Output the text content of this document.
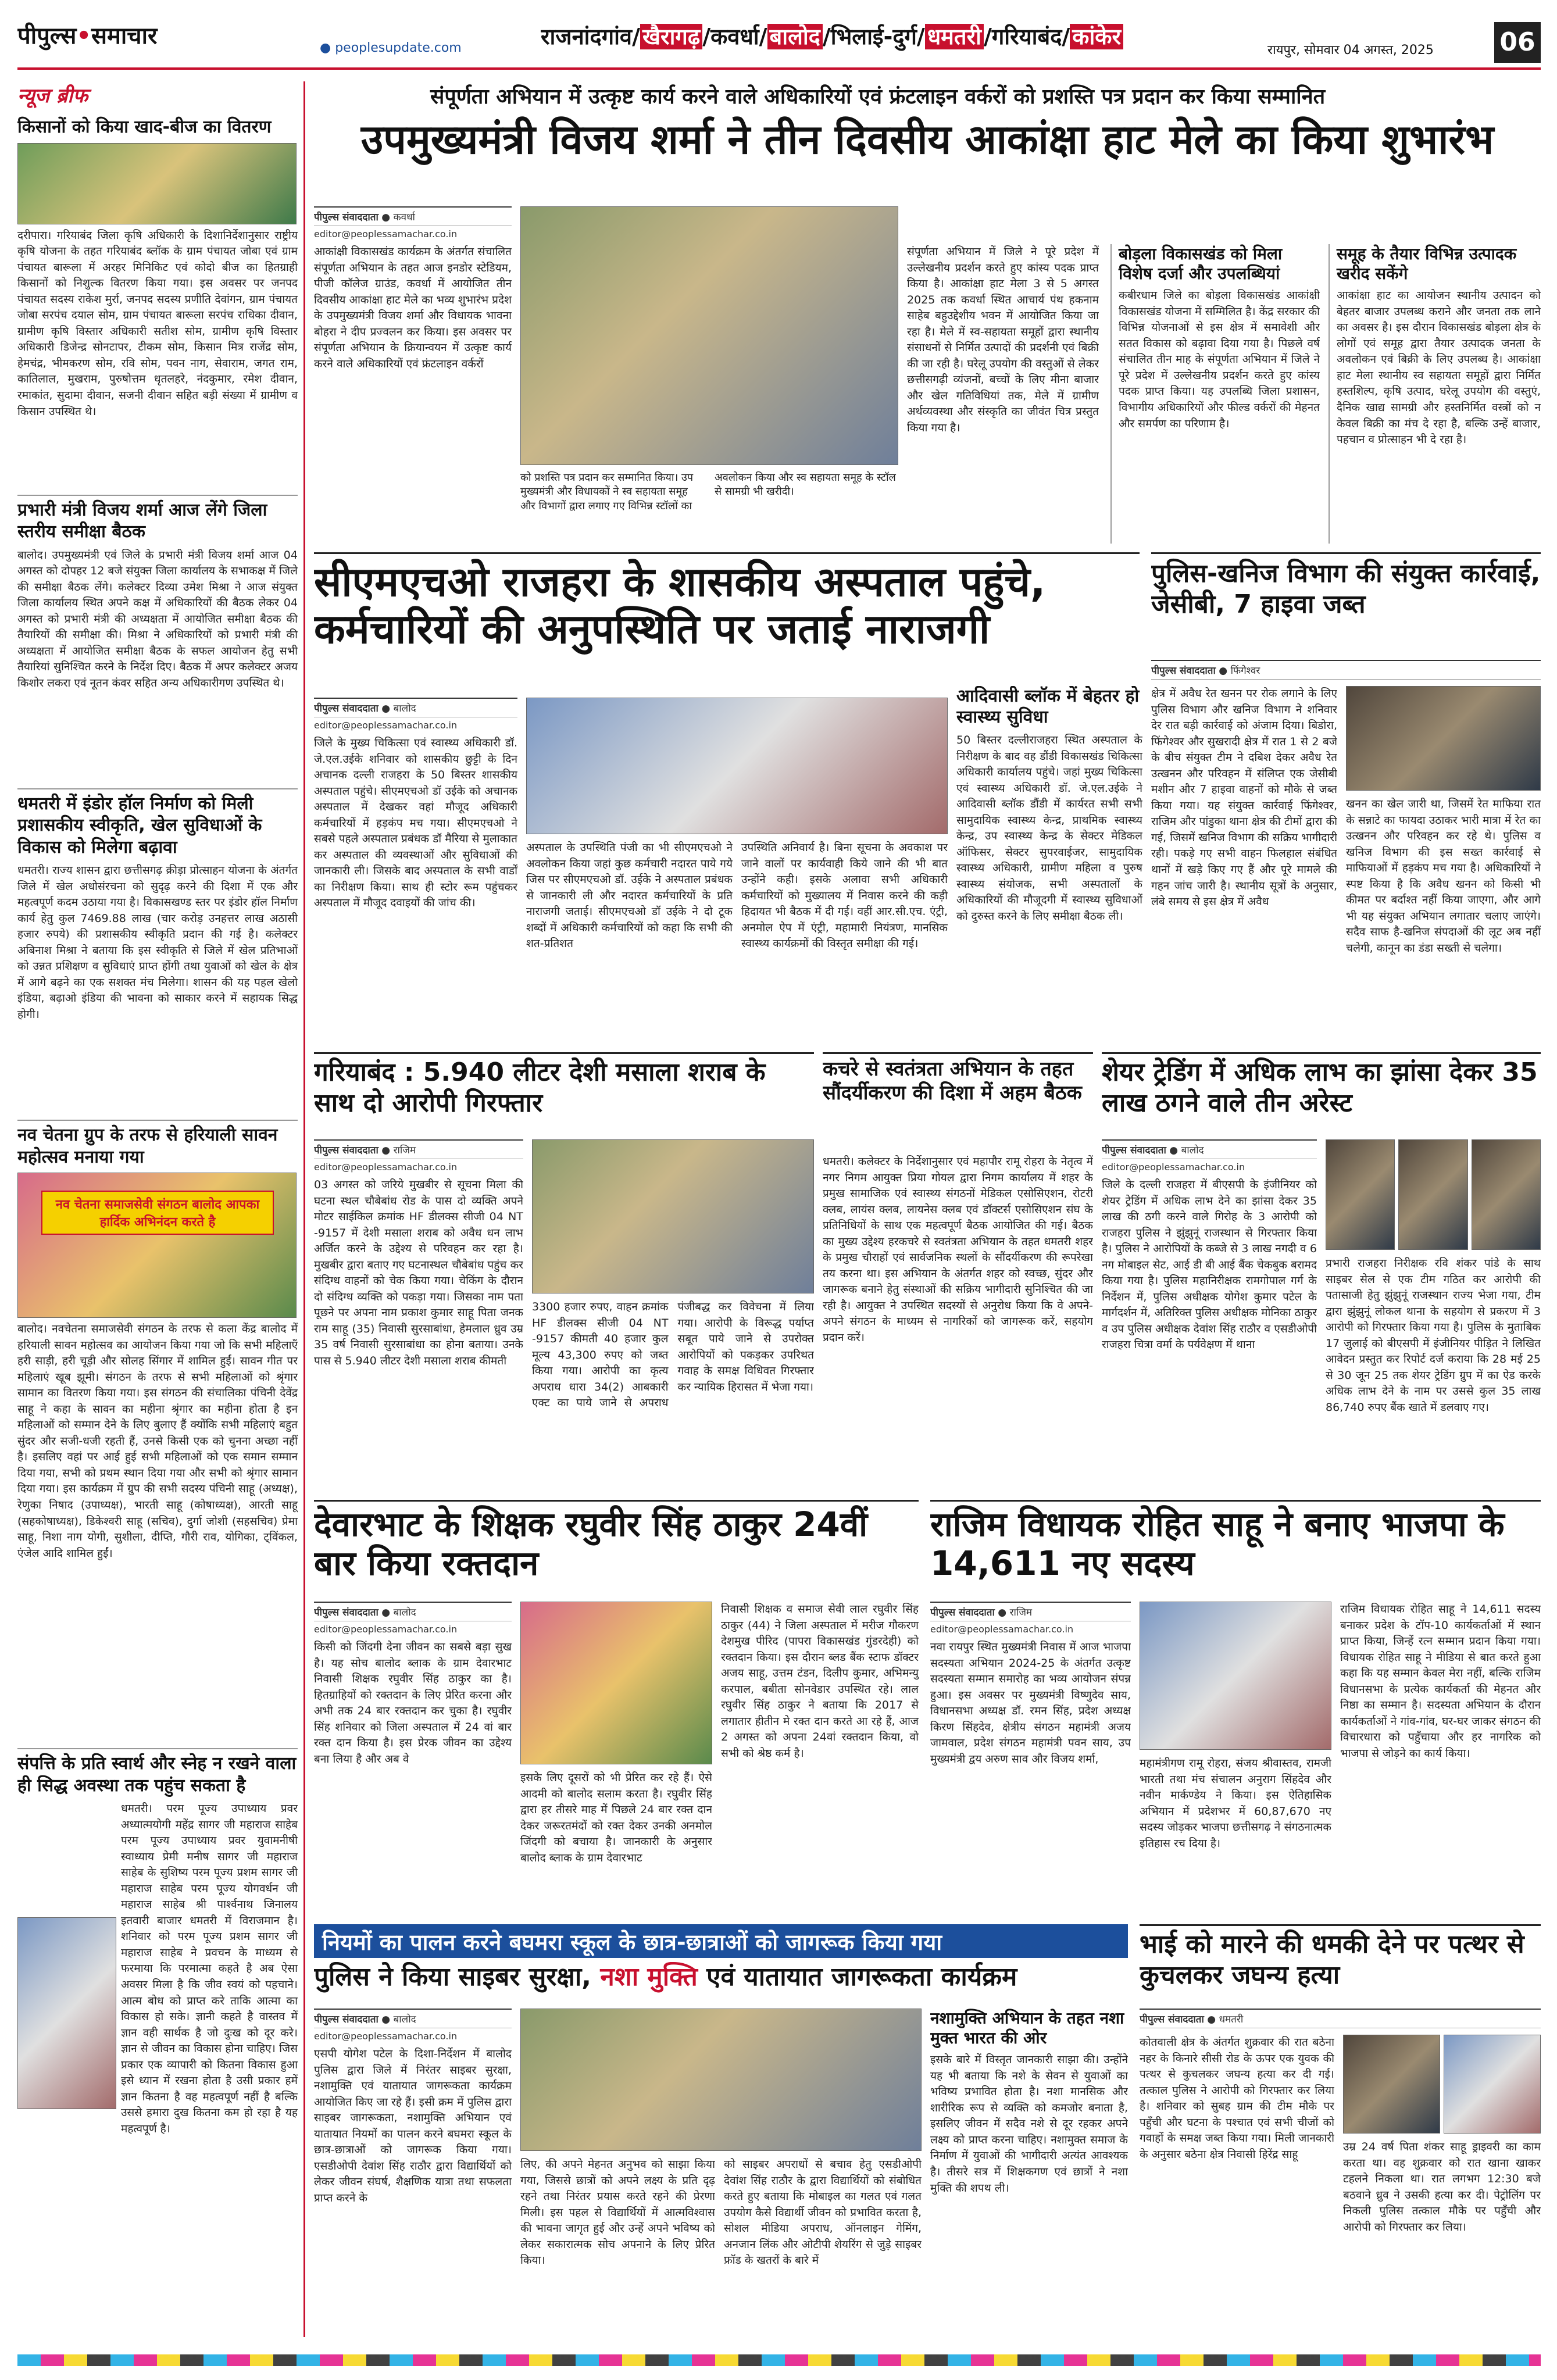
पीपुल्स•समाचार	● peoplesupdate.com	राजनांदगांव/ खैरागढ़ /कवर्धा/ बालोद /भिलाई-दुर्ग/ धमतरी /गरियाबंद/ कांकेर
रायपुर, सोमवार 04 अगस्त, 2025	06
न्यूज ब्रीफ
किसानों को किया खाद-बीज का वितरण
दरीपारा। गरियाबंद जिला कृषि अधिकारी के दिशानिर्देशानुसार राष्ट्रीय कृषि योजना के तहत गरियाबंद ब्लॉक के ग्राम पंचायत जोबा एवं ग्राम पंचायत बारूला में अरहर मिनिकिट एवं कोदो बीज का हितग्राही किसानों को निशुल्क वितरण किया गया। इस अवसर पर जनपद पंचायत सदस्य राकेश मुर्रा, जनपद सदस्य प्रणीति देवांगन, ग्राम पंचायत जोबा सरपंच दयाल सोम, ग्राम पंचायत बारूला सरपंच राधिका दीवान, ग्रामीण कृषि विस्तार अधिकारी सतीश सोम, ग्रामीण कृषि विस्तार अधिकारी डिजेन्द्र सोनटापर, टीकम सोम, किसान मित्र राजेंद्र सोम, हेमचंद्र, भीमकरण सोम, रवि सोम, पवन नाग, सेवाराम, जगत राम, कातिलाल, मुखराम, पुरुषोत्तम धृतलहरे, नंदकुमार, रमेश दीवान, रमाकांत, सुदामा दीवान, सजनी दीवान सहित बड़ी संख्या में ग्रामीण व किसान उपस्थित थे।
प्रभारी मंत्री विजय शर्मा आज लेंगे जिला स्तरीय समीक्षा बैठक
बालोद। उपमुख्यमंत्री एवं जिले के प्रभारी मंत्री विजय शर्मा आज 04 अगस्त को दोपहर 12 बजे संयुक्त जिला कार्यालय के सभाकक्ष में जिले की समीक्षा बैठक लेंगे। कलेक्टर दिव्या उमेश मिश्रा ने आज संयुक्त जिला कार्यालय स्थित अपने कक्ष में अधिकारियों की बैठक लेकर 04 अगस्त को प्रभारी मंत्री की अध्यक्षता में आयोजित समीक्षा बैठक की तैयारियों की समीक्षा की। मिश्रा ने अधिकारियों को प्रभारी मंत्री की अध्यक्षता में आयोजित समीक्षा बैठक के सफल आयोजन हेतु सभी तैयारियां सुनिश्चित करने के निर्देश दिए। बैठक में अपर कलेक्टर अजय किशोर लकरा एवं नूतन कंवर सहित अन्य अधिकारीगण उपस्थित थे।
धमतरी में इंडोर हॉल निर्माण को मिली प्रशासकीय स्वीकृति, खेल सुविधाओं के विकास को मिलेगा बढ़ावा
धमतरी। राज्य शासन द्वारा छत्तीसगढ़ क्रीड़ा प्रोत्साहन योजना के अंतर्गत जिले में खेल अधोसंरचना को सुदृढ़ करने की दिशा में एक और महत्वपूर्ण कदम उठाया गया है। विकासखण्ड स्तर पर इंडोर हॉल निर्माण कार्य हेतु कुल 7469.88 लाख (चार करोड़ उनहत्तर लाख अठासी हजार रुपये) की प्रशासकीय स्वीकृति प्रदान की गई है। कलेक्टर अबिनाश मिश्रा ने बताया कि इस स्वीकृति से जिले में खेल प्रतिभाओं को उन्नत प्रशिक्षण व सुविधाएं प्राप्त होंगी तथा युवाओं को खेल के क्षेत्र में आगे बढ़ने का एक सशक्त मंच मिलेगा। शासन की यह पहल खेलो इंडिया, बढ़ाओ इंडिया की भावना को साकार करने में सहायक सिद्ध होगी।
नव चेतना ग्रुप के तरफ से हरियाली सावन महोत्सव मनाया गया
नव चेतना समाजसेवी संगठन बालोद आपका हार्दिक अभिनंदन करते है
बालोद। नवचेतना समाजसेवी संगठन के तरफ से कला केंद्र बालोद में हरियाली सावन महोत्सव का आयोजन किया गया जो कि सभी महिलाएँ हरी साड़ी, हरी चूड़ी और सोलह सिंगार में शामिल हुईं। सावन गीत पर महिलाएं खूब झूमी। संगठन के तरफ से सभी महिलाओं को श्रृंगार सामान का वितरण किया गया। इस संगठन की संचालिका पंचिनी देवेंद्र साहू ने कहा के सावन का महीना श्रृंगार का महीना होता है इन महिलाओं को सम्मान देने के लिए बुलाए हैं क्योंकि सभी महिलाएं बहुत सुंदर और सजी-धजी रहती हैं, उनसे किसी एक को चुनना अच्छा नहीं है। इसलिए वहां पर आई हुई सभी महिलाओं को एक समान सम्मान दिया गया, सभी को प्रथम स्थान दिया गया और सभी को श्रृंगार सामान दिया गया। इस कार्यक्रम में ग्रुप की सभी सदस्य पंचिनी साहू (अध्यक्ष), रेणुका निषाद (उपाध्यक्ष), भारती साहू (कोषाध्यक्ष), आरती साहू (सहकोषाध्यक्ष), डिकेश्वरी साहू (सचिव), दुर्गा जोशी (सहसचिव) प्रेमा साहू, निशा नाग योगी, सुशीला, दीप्ति, गौरी राव, योगिका, ट्विंकल, एंजेल आदि शामिल हुईं।
संपत्ति के प्रति स्वार्थ और स्नेह न रखने वाला ही सिद्ध अवस्था तक पहुंच सकता है
धमतरी। परम पूज्य उपाध्याय प्रवर अध्यात्मयोगी महेंद्र सागर जी महाराज साहेब परम पूज्य उपाध्याय प्रवर युवामनीषी स्वाध्याय प्रेमी मनीष सागर जी महाराज साहेब के सुशिष्य परम पूज्य प्रशम सागर जी महाराज साहेब परम पूज्य योगवर्धन जी महाराज साहेब श्री पार्श्वनाथ जिनालय इतवारी बाजार धमतरी में विराजमान है। शनिवार को परम पूज्य प्रशम सागर जी महाराज साहेब ने प्रवचन के माध्यम से फरमाया कि परमात्मा कहते है अब ऐसा अवसर मिला है कि जीव स्वयं को पहचाने। आत्म बोध को प्राप्त करे ताकि आत्मा का विकास हो सके। ज्ञानी कहते है वास्तव में ज्ञान वही सार्थक है जो दुःख को दूर करे। ज्ञान से जीवन का विकास होना चाहिए। जिस प्रकार एक व्यापारी को कितना विकास हुआ इसे ध्यान में रखना होता है उसी प्रकार हमें ज्ञान कितना है वह महत्वपूर्ण नहीं है बल्कि उससे हमारा दुख कितना कम हो रहा है यह महत्वपूर्ण है।
संपूर्णता अभियान में उत्कृष्ट कार्य करने वाले अधिकारियों एवं फ्रंटलाइन वर्करों को प्रशस्ति पत्र प्रदान कर किया सम्मानित
उपमुख्यमंत्री विजय शर्मा ने तीन दिवसीय आकांक्षा हाट मेले का किया शुभारंभ
पीपुल्स संवाददाता ● कवर्धा
editor@peoplessamachar.co.in
आकांक्षी विकासखंड कार्यक्रम के अंतर्गत संचालित संपूर्णता अभियान के तहत आज इनडोर स्टेडियम, पीजी कॉलेज ग्राउंड, कवर्धा में आयोजित तीन दिवसीय आकांक्षा हाट मेले का भव्य शुभारंभ प्रदेश के उपमुख्यमंत्री विजय शर्मा और विधायक भावना बोहरा ने दीप प्रज्वलन कर किया। इस अवसर पर संपूर्णता अभियान के क्रियान्वयन में उत्कृष्ट कार्य करने वाले अधिकारियों एवं फ्रंटलाइन वर्करों
को प्रशस्ति पत्र प्रदान कर सम्मानित किया। उप मुख्यमंत्री और विधायकों ने स्व सहायता समूह और विभागों द्वारा लगाए गए विभिन्न स्टॉलों का अवलोकन किया और स्व सहायता समूह के स्टॉल से सामग्री भी खरीदी।
संपूर्णता अभियान में जिले ने पूरे प्रदेश में उल्लेखनीय प्रदर्शन करते हुए कांस्य पदक प्राप्त किया है। आकांक्षा हाट मेला 3 से 5 अगस्त 2025 तक कवर्धा स्थित आचार्य पंथ हकनाम साहेब बहुउद्देशीय भवन में आयोजित किया जा रहा है। मेले में स्व-सहायता समूहों द्वारा स्थानीय संसाधनों से निर्मित उत्पादों की प्रदर्शनी एवं बिक्री की जा रही है। घरेलू उपयोग की वस्तुओं से लेकर छत्तीसगढ़ी व्यंजनों, बच्चों के लिए मीना बाजार और खेल गतिविधियां तक, मेले में ग्रामीण अर्थव्यवस्था और संस्कृति का जीवंत चित्र प्रस्तुत किया गया है।
बोड़ला विकासखंड को मिला विशेष दर्जा और उपलब्धियां
कबीरधाम जिले का बोड़ला विकासखंड आकांक्षी विकासखंड योजना में सम्मिलित है। केंद्र सरकार की विभिन्न योजनाओं से इस क्षेत्र में समावेशी और सतत विकास को बढ़ावा दिया गया है। पिछले वर्ष संचालित तीन माह के संपूर्णता अभियान में जिले ने पूरे प्रदेश में उल्लेखनीय प्रदर्शन करते हुए कांस्य पदक प्राप्त किया। यह उपलब्धि जिला प्रशासन, विभागीय अधिकारियों और फील्ड वर्करों की मेहनत और समर्पण का परिणाम है।
समूह के तैयार विभिन्न उत्पादक खरीद सकेंगे
आकांक्षा हाट का आयोजन स्थानीय उत्पादन को बेहतर बाजार उपलब्ध कराने और जनता तक लाने का अवसर है। इस दौरान विकासखंड बोड़ला क्षेत्र के लोगों एवं समूह द्वारा तैयार उत्पादक जनता के अवलोकन एवं बिक्री के लिए उपलब्ध है। आकांक्षा हाट मेला स्थानीय स्व सहायता समूहों द्वारा निर्मित हस्तशिल्प, कृषि उत्पाद, घरेलू उपयोग की वस्तुएं, दैनिक खाद्य सामग्री और हस्तनिर्मित वस्त्रों को न केवल बिक्री का मंच दे रहा है, बल्कि उन्हें बाजार, पहचान व प्रोत्साहन भी दे रहा है।
सीएमएचओ राजहरा के शासकीय अस्पताल पहुंचे, कर्मचारियों की अनुपस्थिति पर जताई नाराजगी
पीपुल्स संवाददाता ● बालोद
editor@peoplessamachar.co.in
जिले के मुख्य चिकित्सा एवं स्वास्थ्य अधिकारी डॉ. जे.एल.उईके शनिवार को शासकीय छुट्टी के दिन अचानक दल्ली राजहरा के 50 बिस्तर शासकीय अस्पताल पहुंचे। सीएमएचओ डॉ उईके को अचानक अस्पताल में देखकर वहां मौजूद अधिकारी कर्मचारियों में हड़कंप मच गया। सीएमएचओ ने सबसे पहले अस्पताल प्रबंधक डॉ मैरिया से मुलाकात कर अस्पताल की व्यवस्थाओं और सुविधाओं की जानकारी ली। जिसके बाद अस्पताल के सभी वार्डों का निरीक्षण किया। साथ ही स्टोर रूम पहुंचकर अस्पताल में मौजूद दवाइयों की जांच की।
अस्पताल के उपस्थिति पंजी का भी सीएमएचओ ने अवलोकन किया जहां कुछ कर्मचारी नदारत पाये गये जिस पर सीएमएचओ डॉ. उईके ने अस्पताल प्रबंधक से जानकारी ली और नदारत कर्मचारियों के प्रति नाराजगी जताई। सीएमएचओ डॉ उईके ने दो टूक शब्दों में अधिकारी कर्मचारियों को कहा कि सभी की शत-प्रतिशत
उपस्थिति अनिवार्य है। बिना सूचना के अवकाश पर जाने वालों पर कार्यवाही किये जाने की भी बात उन्होंने कही। इसके अलावा सभी अधिकारी कर्मचारियों को मुख्यालय में निवास करने की कड़ी हिदायत भी बैठक में दी गई। वहीं आर.सी.एच. एंट्री, अनमोल ऐप में एंट्री, महामारी नियंत्रण, मानसिक स्वास्थ्य कार्यक्रमों की विस्तृत समीक्षा की गई।
आदिवासी ब्लॉक में बेहतर हो स्वास्थ्य सुविधा
50 बिस्तर दल्लीराजहरा स्थित अस्पताल के निरीक्षण के बाद वह डौंडी विकासखंड चिकित्सा अधिकारी कार्यालय पहुंचे। जहां मुख्य चिकित्सा एवं स्वास्थ्य अधिकारी डॉ. जे.एल.उईके ने आदिवासी ब्लॉक डौंडी में कार्यरत सभी सभी सामुदायिक स्वास्थ्य केन्द्र, प्राथमिक स्वास्थ्य केन्द्र, उप स्वास्थ्य केन्द्र के सेक्टर मेडिकल ऑफिसर, सेक्टर सुपरवाईजर, सामुदायिक स्वास्थ्य अधिकारी, ग्रामीण महिला व पुरुष स्वास्थ्य संयोजक, सभी अस्पतालों के अधिकारियों की मौजूदगी में स्वास्थ्य सुविधाओं को दुरुस्त करने के लिए समीक्षा बैठक ली।
पुलिस-खनिज विभाग की संयुक्त कार्रवाई, जेसीबी, 7 हाइवा जब्त
पीपुल्स संवाददाता ● फिंगेश्वर
क्षेत्र में अवैध रेत खनन पर रोक लगाने के लिए पुलिस विभाग और खनिज विभाग ने शनिवार देर रात बड़ी कार्रवाई को अंजाम दिया। बिडोरा, फिंगेश्वर और सुखरादी क्षेत्र में रात 1 से 2 बजे के बीच संयुक्त टीम ने दबिश देकर अवैध रेत उत्खनन और परिवहन में संलिप्त एक जेसीबी मशीन और 7 हाइवा वाहनों को मौके से जब्त किया गया। यह संयुक्त कार्रवाई फिंगेश्वर, राजिम और पांडुका थाना क्षेत्र की टीमों द्वारा की गई, जिसमें खनिज विभाग की सक्रिय भागीदारी रही। पकड़े गए सभी वाहन फिलहाल संबंधित थानों में खड़े किए गए हैं और पूरे मामले की गहन जांच जारी है। स्थानीय सूत्रों के अनुसार, लंबे समय से इस क्षेत्र में अवैध
खनन का खेल जारी था, जिसमें रेत माफिया रात के सन्नाटे का फायदा उठाकर भारी मात्रा में रेत का उत्खनन और परिवहन कर रहे थे। पुलिस व खनिज विभाग की इस सख्त कार्रवाई से माफियाओं में हड़कंप मच गया है। अधिकारियों ने स्पष्ट किया है कि अवैध खनन को किसी भी कीमत पर बर्दाश्त नहीं किया जाएगा, और आगे भी यह संयुक्त अभियान लगातार चलाए जाएंगे। सदैव साफ है-खनिज संपदाओं की लूट अब नहीं चलेगी, कानून का डंडा सख्ती से चलेगा।
गरियाबंद : 5.940 लीटर देशी मसाला शराब के साथ दो आरोपी गिरफ्तार
पीपुल्स संवाददाता ● राजिम
editor@peoplessamachar.co.in
03 अगस्त को जरिये मुखबीर से सूचना मिला की घटना स्थल चौबेबांध रोड के पास दो व्यक्ति अपने मोटर साईकिल क्रमांक HF डीलक्स सीजी 04 NT -9157 में देशी मसाला शराब को अवैध धन लाभ अर्जित करने के उद्देश्य से परिवहन कर रहा है। मुखबीर द्वारा बताए गए घटनास्थल चौबेबांध पहुंच कर संदिग्ध वाहनों को चेक किया गया। चेकिंग के दौरान दो संदिग्ध व्यक्ति को पकड़ा गया। जिसका नाम पता पूछने पर अपना नाम प्रकाश कुमार साहू पिता जनक राम साहू (35) निवासी सुरसाबांधा, हेमलाल ध्रुव उम्र 35 वर्ष निवासी सुरसाबांधा का होना बताया। उनके पास से 5.940 लीटर देशी मसाला शराब कीमती
3300 हजार रुपए, वाहन क्रमांक HF डीलक्स सीजी 04 NT -9157 कीमती 40 हजार कुल मूल्य 43,300 रुपए को जब्त किया गया। आरोपी का कृत्य अपराध धारा 34(2) आबकारी एक्ट का पाये जाने से अपराध पंजीबद्ध कर विवेचना में लिया गया। आरोपी के विरूद्ध पर्याप्त सबूत पाये जाने से उपरोक्त आरोपियों को पकड़कर उपरिथत गवाह के समक्ष विधिवत गिरफ्तार कर न्यायिक हिरासत में भेजा गया।
कचरे से स्वतंत्रता अभियान के तहत सौंदर्यीकरण की दिशा में अहम बैठक
धमतरी। कलेक्टर के निर्देशानुसार एवं महापौर रामू रोहरा के नेतृत्व में नगर निगम आयुक्त प्रिया गोयल द्वारा निगम कार्यालय में शहर के प्रमुख सामाजिक एवं स्वास्थ्य संगठनों मेडिकल एसोसिएशन, रोटरी क्लब, लायंस क्लब, लायनेस क्लब एवं डॉक्टर्स एसोसिएशन संघ के प्रतिनिधियों के साथ एक महत्वपूर्ण बैठक आयोजित की गई। बैठक का मुख्य उद्देश्य हरकचरे से स्वतंत्रता अभियान के तहत धमतरी शहर के प्रमुख चौराहों एवं सार्वजनिक स्थलों के सौंदर्यीकरण की रूपरेखा तय करना था। इस अभियान के अंतर्गत शहर को स्वच्छ, सुंदर और जागरूक बनाने हेतु संस्थाओं की सक्रिय भागीदारी सुनिश्चित की जा रही है। आयुक्त ने उपस्थित सदस्यों से अनुरोध किया कि वे अपने-अपने संगठन के माध्यम से नागरिकों को जागरूक करें, सहयोग प्रदान करें।
शेयर ट्रेडिंग में अधिक लाभ का झांसा देकर 35 लाख ठगने वाले तीन अरेस्ट
पीपुल्स संवाददाता ● बालोद
editor@peoplessamachar.co.in
जिले के दल्ली राजहरा में बीएसपी के इंजीनियर को शेयर ट्रेडिंग में अधिक लाभ देने का झांसा देकर 35 लाख की ठगी करने वाले गिरोह के 3 आरोपी को राजहरा पुलिस ने झुंझुनूं राजस्थान से गिरफ्तार किया है। पुलिस ने आरोपियों के कब्जे से 3 लाख नगदी व 6 नग मोबाइल सेट, आई डी बी आई बैंक चेकबुक बरामद किया गया है। पुलिस महानिरीक्षक रामगोपाल गर्ग के निर्देशन में, पुलिस अधीक्षक योगेश कुमार पटेल के मार्गदर्शन में, अतिरिक्त पुलिस अधीक्षक मोनिका ठाकुर व उप पुलिस अधीक्षक देवांश सिंह राठौर व एसडीओपी राजहरा चित्रा वर्मा के पर्यवेक्षण में थाना
प्रभारी राजहरा निरीक्षक रवि शंकर पांडे के साथ साइबर सेल से एक टीम गठित कर आरोपी की पतासाजी हेतु झुंझुनूं राजस्थान राज्य भेजा गया, टीम द्वारा झुंझुनूं लोकल थाना के सहयोग से प्रकरण में 3 आरोपी को गिरफ्तार किया गया है। पुलिस के मुताबिक 17 जुलाई को बीएसपी में इंजीनियर पीड़ित ने लिखित आवेदन प्रस्तुत कर रिपोर्ट दर्ज कराया कि 28 मई 25 से 30 जून 25 तक शेयर ट्रेडिंग ग्रुप में का ऐड करके अधिक लाभ देने के नाम पर उससे कुल 35 लाख 86,740 रुपए बैंक खाते में डलवाए गए।
देवारभाट के शिक्षक रघुवीर सिंह ठाकुर 24वीं बार किया रक्तदान
पीपुल्स संवाददाता ● बालोद
editor@peoplessamachar.co.in
किसी को जिंदगी देना जीवन का सबसे बड़ा सुख है। यह सोच बालोद ब्लाक के ग्राम देवारभाट निवासी शिक्षक रघुवीर सिंह ठाकुर का है। हितग्राहियों को रक्तदान के लिए प्रेरित करना और अभी तक 24 बार रक्तदान कर चुका है। रघुवीर सिंह शनिवार को जिला अस्पताल में 24 वां बार रक्त दान किया है। इस प्रेरक जीवन का उद्देश्य बना लिया है और अब वे
इसके लिए दूसरों को भी प्रेरित कर रहे हैं। ऐसे आदमी को बालोद सलाम करता है। रघुवीर सिंह द्वारा हर तीसरे माह में पिछले 24 बार रक्त दान देकर जरूरतमंदों को रक्त देकर उनकी अनमोल जिंदगी को बचाया है। जानकारी के अनुसार बालोद ब्लाक के ग्राम देवारभाट
निवासी शिक्षक व समाज सेवी लाल रघुवीर सिंह ठाकुर (44) ने जिला अस्पताल में मरीज गौकरण देशमुख पीरिद (पापरा विकासखंड गुंडरदेही) को रक्तदान किया। इस दौरान ब्लड बैंक स्टाफ डॉक्टर अजय साहू, उत्तम टंडन, दिलीप कुमार, अभिमन्यु करपाल, बबीता सोनवेडार उपस्थित रहे। लाल रघुवीर सिंह ठाकुर ने बताया कि 2017 से लगातार हीतीन मे रक्त दान करते आ रहे हैं, आज 2 अगस्त को अपना 24वां रक्तदान किया, वो सभी को श्रेष्ठ कर्म है।
राजिम विधायक रोहित साहू ने बनाए भाजपा के 14,611 नए सदस्य
पीपुल्स संवाददाता ● राजिम
editor@peoplessamachar.co.in
नवा रायपुर स्थित मुख्यमंत्री निवास में आज भाजपा सदस्यता अभियान 2024-25 के अंतर्गत उत्कृष्ट सदस्यता सम्मान समारोह का भव्य आयोजन संपन्न हुआ। इस अवसर पर मुख्यमंत्री विष्णुदेव साय, विधानसभा अध्यक्ष डॉ. रमन सिंह, प्रदेश अध्यक्ष किरण सिंहदेव, क्षेत्रीय संगठन महामंत्री अजय जामवाल, प्रदेश संगठन महामंत्री पवन साय, उप मुख्यमंत्री द्वय अरुण साव और विजय शर्मा,	महामंत्रीगण रामू रोहरा, संजय श्रीवास्तव, रामजी भारती तथा मंच संचालन अनुराग सिंहदेव और नवीन मार्कण्डेय ने किया। इस ऐतिहासिक अभियान में प्रदेशभर में 60,87,670 नए सदस्य जोड़कर भाजपा छत्तीसगढ़ ने संगठनात्मक इतिहास रच दिया है।
राजिम विधायक रोहित साहू ने 14,611 सदस्य बनाकर प्रदेश के टॉप-10 कार्यकर्ताओं में स्थान प्राप्त किया, जिन्हें रत्न सम्मान प्रदान किया गया। विधायक रोहित साहू ने मीडिया से बात करते हुआ कहा कि यह सम्मान केवल मेरा नहीं, बल्कि राजिम विधानसभा के प्रत्येक कार्यकर्ता की मेहनत और निष्ठा का सम्मान है। सदस्यता अभियान के दौरान कार्यकर्ताओं ने गांव-गांव, घर-घर जाकर संगठन की विचारधारा को पहुँचाया और हर नागरिक को भाजपा से जोड़ने का कार्य किया।
नियमों का पालन करने बघमरा स्कूल के छात्र-छात्राओं को जागरूक किया गया
पुलिस ने किया साइबर सुरक्षा, नशा मुक्ति एवं यातायात जागरूकता कार्यक्रम
पीपुल्स संवाददाता ● बालोद
editor@peoplessamachar.co.in
एसपी योगेश पटेल के दिशा-निर्देशन में बालोद पुलिस द्वारा जिले में निरंतर साइबर सुरक्षा, नशामुक्ति एवं यातायात जागरूकता कार्यक्रम आयोजित किए जा रहे हैं। इसी क्रम में पुलिस द्वारा साइबर जागरूकता, नशामुक्ति अभियान एवं यातायात नियमों का पालन करने बघमरा स्कूल के छात्र-छात्राओं को जागरूक किया गया। एसडीओपी देवांश सिंह राठौर द्वारा विद्यार्थियों को लेकर जीवन संघर्ष, शैक्षणिक यात्रा तथा सफलता प्राप्त करने के
लिए, की अपने मेहनत अनुभव को साझा किया गया, जिससे छात्रों को अपने लक्ष्य के प्रति दृढ़ रहने तथा निरंतर प्रयास करते रहने की प्रेरणा मिली। इस पहल से विद्यार्थियों में आत्मविश्वास की भावना जागृत हुई और उन्हें अपने भविष्य को लेकर सकारात्मक सोच अपनाने के लिए प्रेरित किया।
को साइबर अपराधों से बचाव हेतु एसडीओपी देवांश सिंह राठौर के द्वारा विद्यार्थियों को संबोधित करते हुए बताया कि मोबाइल का गलत एवं गलत उपयोग कैसे विद्यार्थी जीवन को प्रभावित करता है, सोशल मीडिया अपराध, ऑनलाइन गेमिंग, अनजान लिंक और ओटीपी शेयरिंग से जुड़े साइबर फ्रॉड के खतरों के बारे में
नशामुक्ति अभियान के तहत नशा मुक्त भारत की ओर
इसके बारे में विस्तृत जानकारी साझा की। उन्होंने यह भी बताया कि नशे के सेवन से युवाओं का भविष्य प्रभावित होता है। नशा मानसिक और शारीरिक रूप से व्यक्ति को कमजोर बनाता है, इसलिए जीवन में सदैव नशे से दूर रहकर अपने लक्ष्य को प्राप्त करना चाहिए। नशामुक्त समाज के निर्माण में युवाओं की भागीदारी अत्यंत आवश्यक है। तीसरे सत्र में शिक्षकगण एवं छात्रों ने नशा मुक्ति की शपथ ली।
भाई को मारने की धमकी देने पर पत्थर से कुचलकर जघन्य हत्या
पीपुल्स संवाददाता ● धमतरी
कोतवाली क्षेत्र के अंतर्गत शुक्रवार की रात बठेना नहर के किनारे सीसी रोड के ऊपर एक युवक की पत्थर से कुचलकर जघन्य हत्या कर दी गई। तत्काल पुलिस ने आरोपी को गिरफ्तार कर लिया है। शनिवार को सुबह ग्राम की टीम मौके पर पहुँची और घटना के पश्चात एवं सभी चीजों को गवाहों के समक्ष जब्त किया गया। मिली जानकारी के अनुसार बठेना क्षेत्र निवासी हिरेंद्र साहू
उम्र 24 वर्ष पिता शंकर साहू ड्राइवरी का काम करता था। वह शुक्रवार को रात खाना खाकर टहलने निकला था। रात लगभग 12:30 बजे बठवाने ध्रुव ने उसकी हत्या कर दी। पेट्रोलिंग पर निकली पुलिस तत्काल मौके पर पहुँची और आरोपी को गिरफ्तार कर लिया।
